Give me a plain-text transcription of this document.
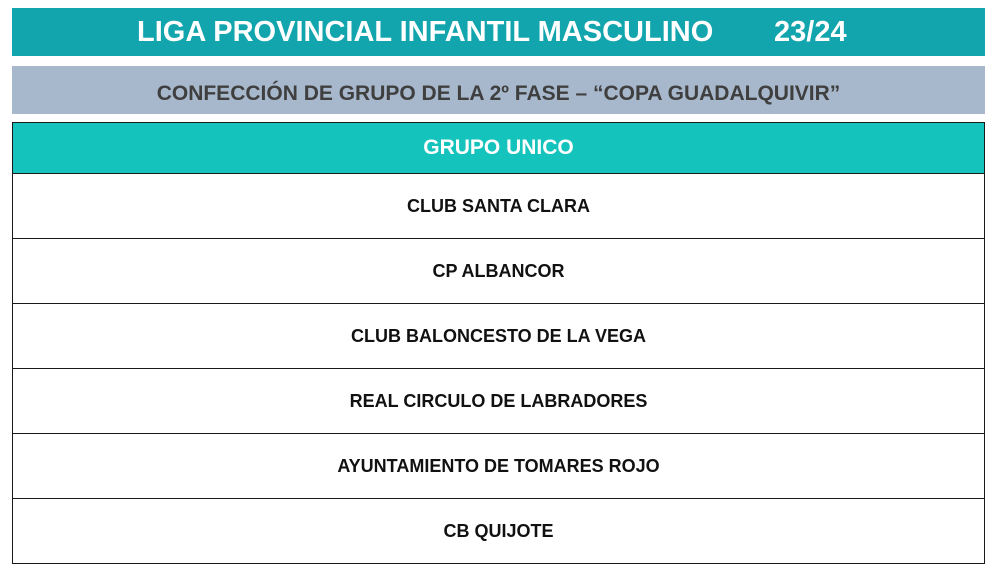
LIGA PROVINCIAL INFANTIL MASCULINO 23/24
CONFECCIÓN DE GRUPO DE LA 2º FASE – “COPA GUADALQUIVIR”
GRUPO UNICO
CLUB SANTA CLARA
CP ALBANCOR
CLUB BALONCESTO DE LA VEGA
REAL CIRCULO DE LABRADORES
AYUNTAMIENTO DE TOMARES ROJO
CB QUIJOTE
